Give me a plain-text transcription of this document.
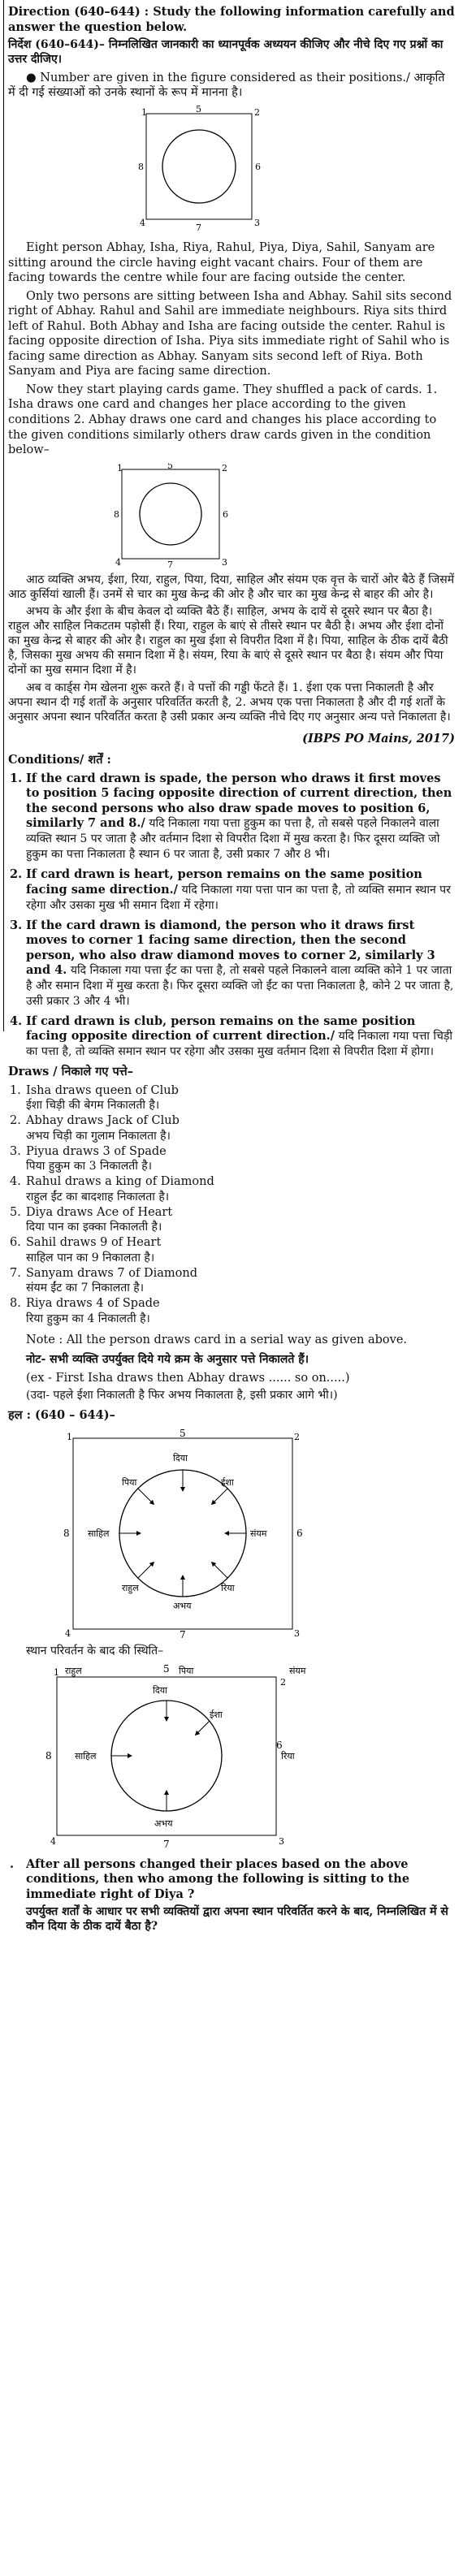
Direction (640–644) : Study the following information carefully and answer the question below.

निर्देश (640–644)– निम्नलिखित जानकारी का ध्यानपूर्वक अध्ययन कीजिए और नीचे दिए गए प्रश्नों का उत्तर दीजिए।

● Number are given in the figure considered as their positions./ आकृति में दी गई संख्याओं को उनके स्थानों के रूप में मानना है।

1	2
3
4
5
6
7
8

Eight person Abhay, Isha, Riya, Rahul, Piya, Diya, Sahil, Sanyam are sitting around the circle having eight vacant chairs. Four of them are facing towards the centre while four are facing outside the center.

Only two persons are sitting between Isha and Abhay. Sahil sits second right of Abhay. Rahul and Sahil are immediate neighbours. Riya sits third left of Rahul. Both Abhay and Isha are facing outside the center. Rahul is facing opposite direction of Isha. Piya sits immediate right of Sahil who is facing same direction as Abhay. Sanyam sits second left of Riya. Both Sanyam and Piya are facing same direction.

Now they start playing cards game. They shuffled a pack of cards. 1. Isha draws one card and changes her place according to the given conditions 2. Abhay draws one card and changes his place according to the given conditions similarly others draw cards given in the condition below–

1	2
3
4
5
6
7
8

आठ व्यक्ति अभय, ईशा, रिया, राहुल, पिया, दिया, साहिल और संयम एक वृत्त के चारों ओर बैठे हैं जिसमें आठ कुर्सियां खाली हैं। उनमें से चार का मुख केन्द्र की ओर है और चार का मुख केन्द्र से बाहर की ओर है।

अभय के और ईशा के बीच केवल दो व्यक्ति बैठे हैं। साहिल, अभय के दायें से दूसरे स्थान पर बैठा है। राहुल और साहिल निकटतम पड़ोसी हैं। रिया, राहुल के बाएं से तीसरे स्थान पर बैठी है। अभय और ईशा दोनों का मुख केन्द्र से बाहर की ओर है। राहुल का मुख ईशा से विपरीत दिशा में है। पिया, साहिल के ठीक दायें बैठी है, जिसका मुख अभय की समान दिशा में है। संयम, रिया के बाएं से दूसरे स्थान पर बैठा है। संयम और पिया दोनों का मुख समान दिशा में है।

अब व कार्ड्स गेम खेलना शुरू करते हैं। वे पत्तों की गड्डी फेंटते हैं। 1. ईशा एक पत्ता निकालती है और अपना स्थान दी गई शर्तों के अनुसार परिवर्तित करती है, 2. अभय एक पत्ता निकालता है और दी गई शर्तों के अनुसार अपना स्थान परिवर्तित करता है उसी प्रकार अन्य व्यक्ति नीचे दिए गए अनुसार अन्य पत्ते निकालता है।

(IBPS PO Mains, 2017)

Conditions/ शर्तें :

1. If the card drawn is spade, the person who draws it first moves to position 5 facing opposite direction of current direction, then the second persons who also draw spade moves to position 6, similarly 7 and 8./ यदि निकाला गया पत्ता हुकुम का पत्ता है, तो सबसे पहले निकालने वाला व्यक्ति स्थान 5 पर जाता है और वर्तमान दिशा से विपरीत दिशा में मुख करता है। फिर दूसरा व्यक्ति जो हुकुम का पत्ता निकालता है स्थान 6 पर जाता है, उसी प्रकार 7 और 8 भी।
2. If card drawn is heart, person remains on the same position facing same direction./ यदि निकाला गया पत्ता पान का पत्ता है, तो व्यक्ति समान स्थान पर रहेगा और उसका मुख भी समान दिशा में रहेगा।
3. If the card drawn is diamond, the person who it draws first moves to corner 1 facing same direction, then the second person, who also draw diamond moves to corner 2, similarly 3 and 4. यदि निकाला गया पत्ता ईंट का पत्ता है, तो सबसे पहले निकालने वाला व्यक्ति कोने 1 पर जाता है और समान दिशा में मुख करता है। फिर दूसरा व्यक्ति जो ईंट का पत्ता निकालता है, कोने 2 पर जाता है, उसी प्रकार 3 और 4 भी।
4. If card drawn is club, person remains on the same position facing opposite direction of current direction./ यदि निकाला गया पत्ता चिड़ी का पत्ता है, तो व्यक्ति समान स्थान पर रहेगा और उसका मुख वर्तमान दिशा से विपरीत दिशा में होगा।

Draws / निकाले गए पत्ते–

1. Isha draws queen of Club
ईशा चिड़ी की बेगम निकालती है।
2. Abhay draws Jack of Club
अभय चिड़ी का गुलाम निकालता है।
3. Piyua draws 3 of Spade
पिया हुकुम का 3 निकालती है।
4. Rahul draws a king of Diamond
राहुल ईंट का बादशाह निकालता है।
5. Diya draws Ace of Heart
दिया पान का इक्का निकालती है।
6. Sahil draws 9 of Heart
साहिल पान का 9 निकालता है।
7. Sanyam draws 7 of Diamond
संयम ईंट का 7 निकालता है।
8. Riya draws 4 of Spade
रिया हुकुम का 4 निकालती है।

Note : All the person draws card in a serial way as given above.

नोट- सभी व्यक्ति उपर्युक्त दिये गये क्रम के अनुसार पत्ते निकालते हैं।

(ex - First Isha draws then Abhay draws ...... so on.....)

(उदा- पहले ईशा निकालती है फिर अभय निकालता है, इसी प्रकार आगे भी।)

हल : (640 – 644)–

दिया
पिया	ईशा
साहिल	संयम
राहुल	रिया
अभय
5
6
7
8
1	2
3
4

स्थान परिवर्तन के बाद की स्थिति–

राहुल	संयम
दिया
ईशा
साहिल
अभय
पिया
रिया
5
6
7
8
1
2
3
4
. After all persons changed their places based on the above conditions, then who among the following is sitting to the immediate right of Diya ?

उपर्युक्त शर्तों के आधार पर सभी व्यक्तियों द्वारा अपना स्थान परिवर्तित करने के बाद, निम्नलिखित में से कौन दिया के ठीक दायें बैठा है?
